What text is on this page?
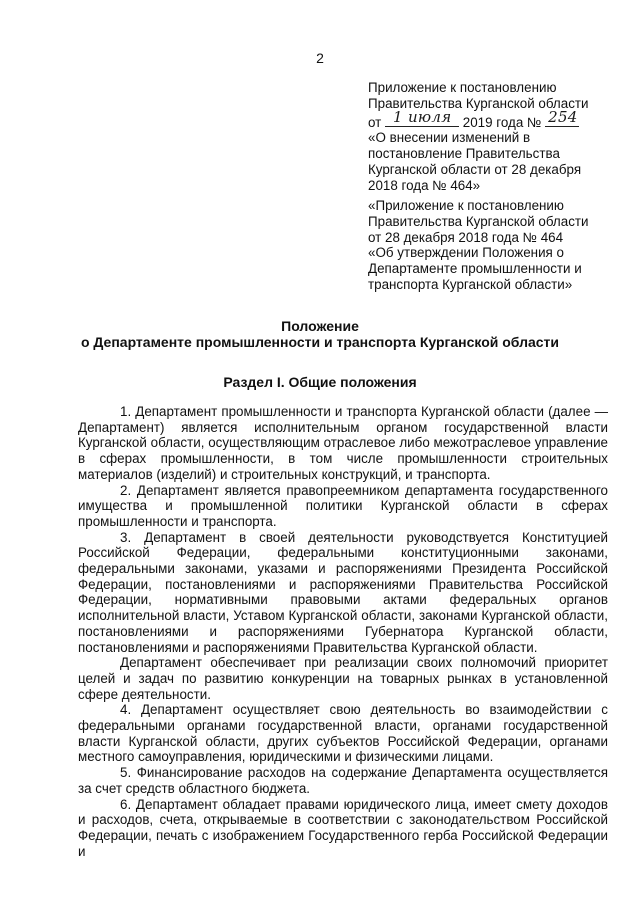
2
Приложение к постановлению
Правительства Курганской области
от 1 июля 2019 года № 254
«О внесении изменений в
постановление Правительства
Курганской области от 28 декабря
2018 года № 464»
«Приложение к постановлению
Правительства Курганской области
от 28 декабря 2018 года № 464
«Об утверждении Положения о
Департаменте промышленности и
транспорта Курганской области»
Положение
о Департаменте промышленности и транспорта Курганской области
Раздел I. Общие положения

1. Департамент промышленности и транспорта Курганской области (далее — Департамент) является исполнительным органом государственной власти Курганской области, осуществляющим отраслевое либо межотраслевое управление в сферах промышленности, в том числе промышленности строительных материалов (изделий) и строительных конструкций, и транспорта.

2. Департамент является правопреемником департамента государственного имущества и промышленной политики Курганской области в сферах промышленности и транспорта.

3. Департамент в своей деятельности руководствуется Конституцией Российской Федерации, федеральными конституционными законами, федеральными законами, указами и распоряжениями Президента Российской Федерации, постановлениями и распоряжениями Правительства Российской Федерации, нормативными правовыми актами федеральных органов исполнительной власти, Уставом Курганской области, законами Курганской области, постановлениями и распоряжениями Губернатора Курганской области, постановлениями и распоряжениями Правительства Курганской области.

Департамент обеспечивает при реализации своих полномочий приоритет целей и задач по развитию конкуренции на товарных рынках в установленной сфере деятельности.

4. Департамент осуществляет свою деятельность во взаимодействии с федеральными органами государственной власти, органами государственной власти Курганской области, других субъектов Российской Федерации, органами местного самоуправления, юридическими и физическими лицами.

5. Финансирование расходов на содержание Департамента осуществляется за счет средств областного бюджета.

6. Департамент обладает правами юридического лица, имеет смету доходов и расходов, счета, открываемые в соответствии с законодательством Российской Федерации, печать с изображением Государственного герба Российской Федерации и
